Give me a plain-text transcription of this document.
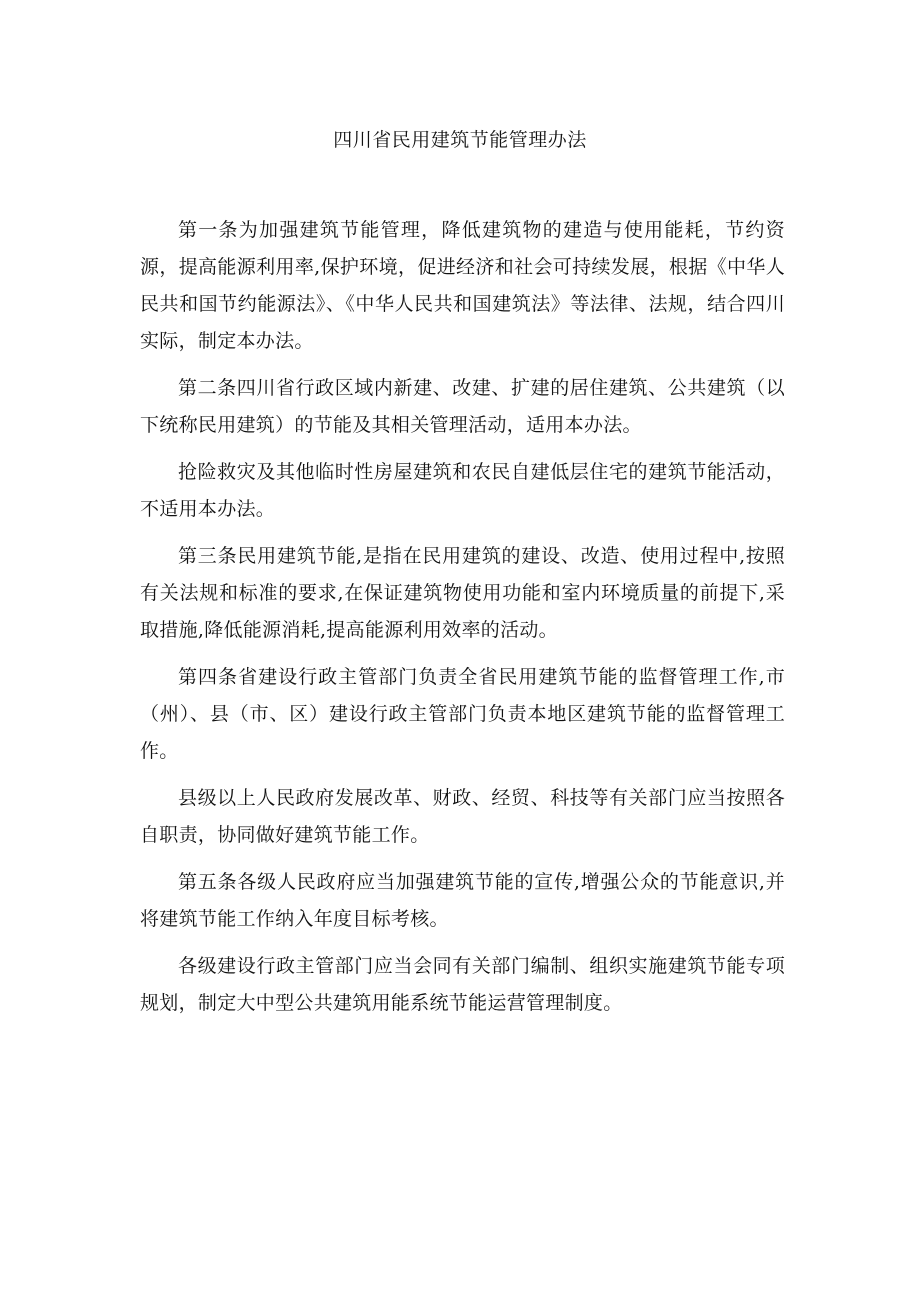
四川省民用建筑节能管理办法

第一条为加强建筑节能管理，降低建筑物的建造与使用能耗，节约资源，提高能源利用率,保护环境，促进经济和社会可持续发展，根据《中华人民共和国节约能源法》、《中华人民共和国建筑法》等法律、法规，结合四川实际，制定本办法。

第二条四川省行政区域内新建、改建、扩建的居住建筑、公共建筑（以下统称民用建筑）的节能及其相关管理活动，适用本办法。

抢险救灾及其他临时性房屋建筑和农民自建低层住宅的建筑节能活动，不适用本办法。

第三条民用建筑节能,是指在民用建筑的建设、改造、使用过程中,按照有关法规和标准的要求,在保证建筑物使用功能和室内环境质量的前提下,采取措施,降低能源消耗,提高能源利用效率的活动。

第四条省建设行政主管部门负责全省民用建筑节能的监督管理工作,市（州）、县（市、区）建设行政主管部门负责本地区建筑节能的监督管理工作。

县级以上人民政府发展改革、财政、经贸、科技等有关部门应当按照各自职责，协同做好建筑节能工作。

第五条各级人民政府应当加强建筑节能的宣传,增强公众的节能意识,并将建筑节能工作纳入年度目标考核。

各级建设行政主管部门应当会同有关部门编制、组织实施建筑节能专项规划，制定大中型公共建筑用能系统节能运营管理制度。
